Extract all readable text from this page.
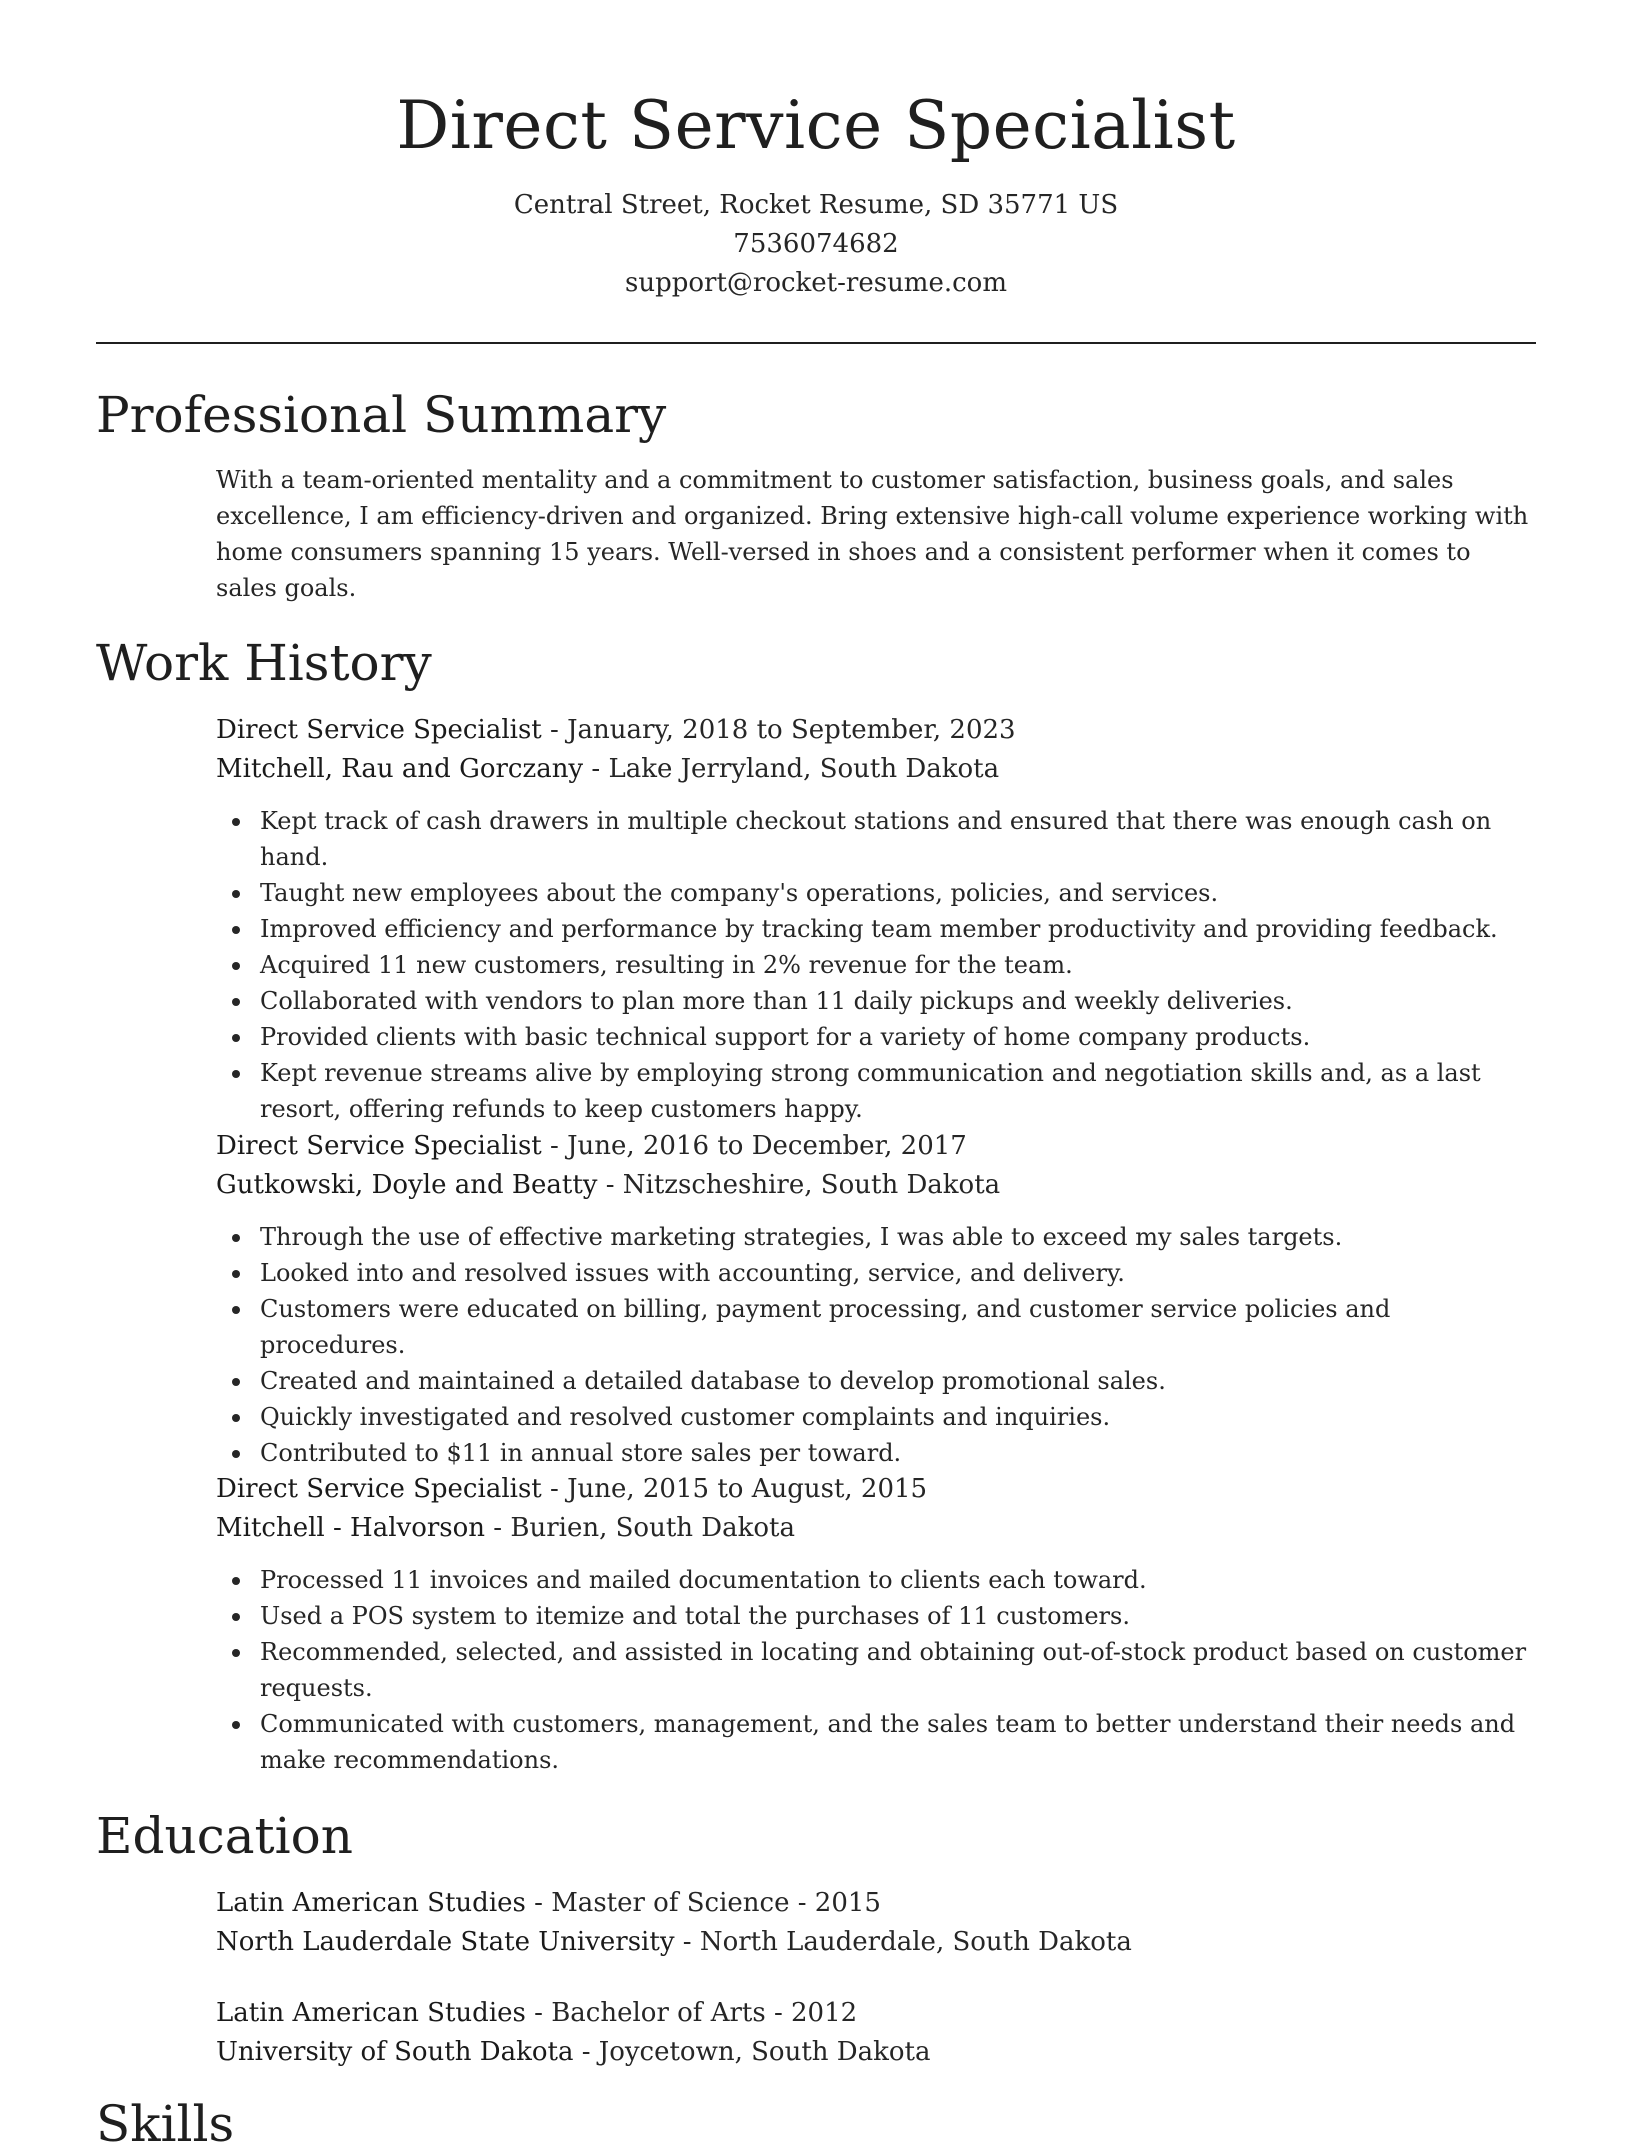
Direct Service Specialist
Central Street, Rocket Resume, SD 35771 US
7536074682
support@rocket-resume.com
Professional Summary
With a team-oriented mentality and a commitment to customer satisfaction, business goals, and sales excellence, I am efficiency-driven and organized. Bring extensive high-call volume experience working with home consumers spanning 15 years. Well-versed in shoes and a consistent performer when it comes to sales goals.
Work History
Direct Service Specialist - January, 2018 to September, 2023
Mitchell, Rau and Gorczany - Lake Jerryland, South Dakota
Kept track of cash drawers in multiple checkout stations and ensured that there was enough cash on hand.
Taught new employees about the company's operations, policies, and services.
Improved efficiency and performance by tracking team member productivity and providing feedback.
Acquired 11 new customers, resulting in 2% revenue for the team.
Collaborated with vendors to plan more than 11 daily pickups and weekly deliveries.
Provided clients with basic technical support for a variety of home company products.
Kept revenue streams alive by employing strong communication and negotiation skills and, as a last resort, offering refunds to keep customers happy.
Direct Service Specialist - June, 2016 to December, 2017
Gutkowski, Doyle and Beatty - Nitzscheshire, South Dakota
Through the use of effective marketing strategies, I was able to exceed my sales targets.
Looked into and resolved issues with accounting, service, and delivery.
Customers were educated on billing, payment processing, and customer service policies and procedures.
Created and maintained a detailed database to develop promotional sales.
Quickly investigated and resolved customer complaints and inquiries.
Contributed to $11 in annual store sales per toward.
Direct Service Specialist - June, 2015 to August, 2015
Mitchell - Halvorson - Burien, South Dakota
Processed 11 invoices and mailed documentation to clients each toward.
Used a POS system to itemize and total the purchases of 11 customers.
Recommended, selected, and assisted in locating and obtaining out-of-stock product based on customer requests.
Communicated with customers, management, and the sales team to better understand their needs and make recommendations.
Education
Latin American Studies - Master of Science - 2015
North Lauderdale State University - North Lauderdale, South Dakota
Latin American Studies - Bachelor of Arts - 2012
University of South Dakota - Joycetown, South Dakota
Skills
